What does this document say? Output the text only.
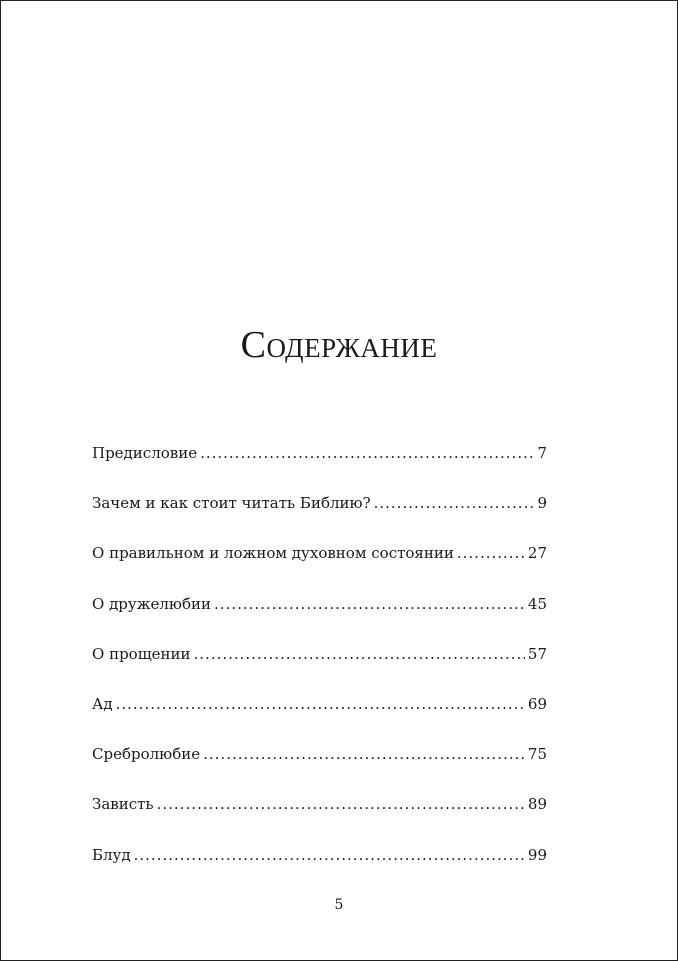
Содержание
Предисловие .....	7
Зачем и как стоит читать Библию? .....	9
О правильном и ложном духовном состоянии .....	27
О дружелюбии .....	45
О прощении .....	57
Ад .....	69
Сребролюбие .....	75
Зависть .....	89
Блуд .....	99
5
